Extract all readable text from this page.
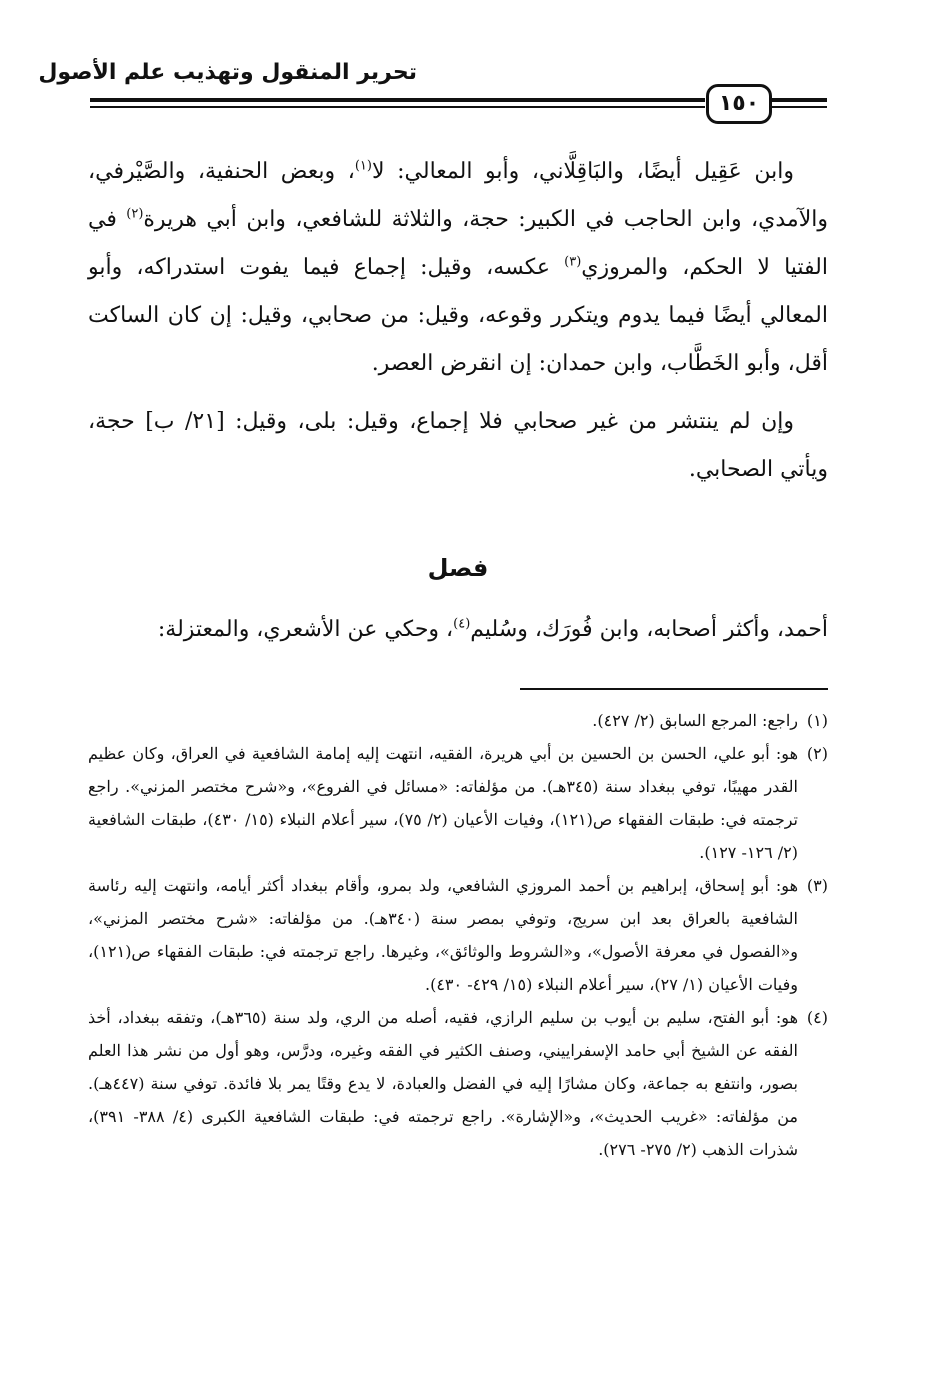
تحرير المنقول وتهذيب علم الأصول
١٥٠

وابن عَقِيل أيضًا، والبَاقِلَّاني، وأبو المعالي: لا$^{(١)}$، وبعض الحنفية، والصَّيْرفي، والآمدي، وابن الحاجب في الكبير: حجة، والثلاثة للشافعي، وابن أبي هريرة$^{(٢)}$ في الفتيا لا الحكم، والمروزي$^{(٣)}$ عكسه، وقيل: إجماع فيما يفوت استدراكه، وأبو المعالي أيضًا فيما يدوم ويتكرر وقوعه، وقيل: من صحابي، وقيل: إن كان الساكت أقل، وأبو الخَطَّاب، وابن حمدان: إن انقرض العصر.

وإن لم ينتشر من غير صحابي فلا إجماع، وقيل: بلى، وقيل: [٢١/ ب] حجة، ويأتي الصحابي.

فصل
أحمد، وأكثر أصحابه، وابن فُورَك، وسُليم$^{(٤)}$، وحكي عن الأشعري، والمعتزلة:

(١)راجع: المرجع السابق (٢/ ٤٢٧).

(٢)هو: أبو علي، الحسن بن الحسين بن أبي هريرة، الفقيه، انتهت إليه إمامة الشافعية في العراق، وكان عظيم القدر مهيبًا، توفي ببغداد سنة (٣٤٥هـ). من مؤلفاته: «مسائل في الفروع»، و«شرح مختصر المزني». راجع ترجمته في: طبقات الفقهاء ص(١٢١)، وفيات الأعيان (٢/ ٧٥)، سير أعلام النبلاء (١٥/ ٤٣٠)، طبقات الشافعية (٢/ ١٢٦- ١٢٧).

(٣)هو: أبو إسحاق، إبراهيم بن أحمد المروزي الشافعي، ولد بمرو، وأقام ببغداد أكثر أيامه، وانتهت إليه رئاسة الشافعية بالعراق بعد ابن سريج، وتوفي بمصر سنة (٣٤٠هـ). من مؤلفاته: «شرح مختصر المزني»، و«الفصول في معرفة الأصول»، و«الشروط والوثائق»، وغيرها. راجع ترجمته في: طبقات الفقهاء ص(١٢١)، وفيات الأعيان (١/ ٢٧)، سير أعلام النبلاء (١٥/ ٤٢٩- ٤٣٠).

(٤)هو: أبو الفتح، سليم بن أيوب بن سليم الرازي، فقيه، أصله من الري، ولد سنة (٣٦٥هـ)، وتفقه ببغداد، أخذ الفقه عن الشيخ أبي حامد الإسفراييني، وصنف الكثير في الفقه وغيره، ودرَّس، وهو أول من نشر هذا العلم بصور، وانتفع به جماعة، وكان مشارًا إليه في الفضل والعبادة، لا يدع وقتًا يمر بلا فائدة. توفي سنة (٤٤٧هـ). من مؤلفاته: «غريب الحديث»، و«الإشارة». راجع ترجمته في: طبقات الشافعية الكبرى (٤/ ٣٨٨- ٣٩١)، شذرات الذهب (٢/ ٢٧٥- ٢٧٦).
